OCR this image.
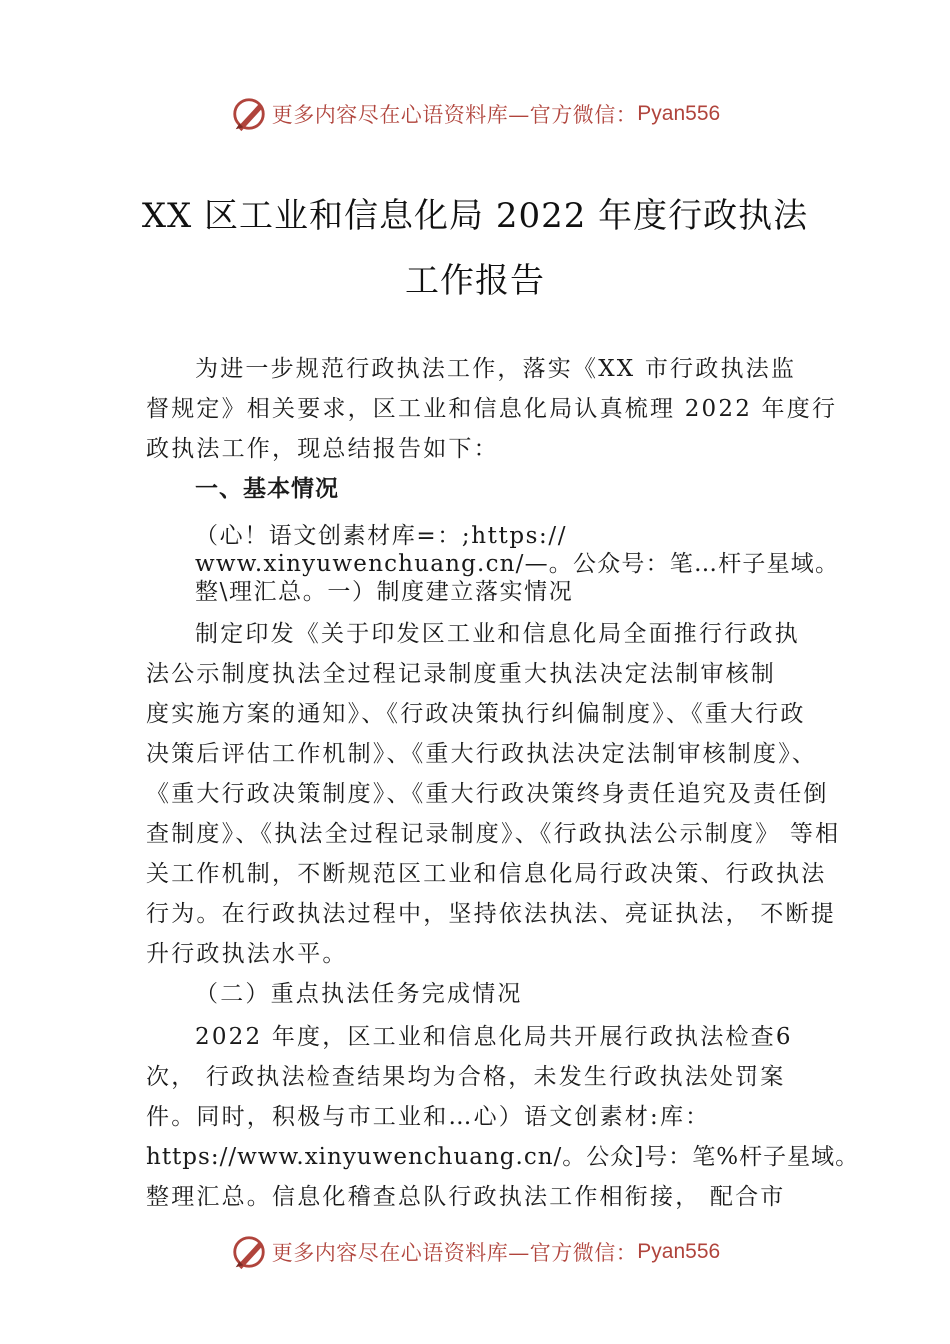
更多内容尽在心语资料库—官方微信： Pyan556
XX 区工业和信息化局 2022 年度行政执法
工作报告
为进一步规范行政执法工作，落实《XX 市行政执法监
督规定》相关要求，区工业和信息化局认真梳理 2022 年度行
政执法工作，现总结报告如下：
一、基本情况
（心！语文创素材库=：;https://
www.xinyuwenchuang.cn/—。公众号：笔…杆子星域。
整\理汇总。一）制度建立落实情况
制定印发《关于印发区工业和信息化局全面推行行政执
法公示制度执法全过程记录制度重大执法决定法制审核制
度实施方案的通知》、《行政决策执行纠偏制度》、《重大行政
决策后评估工作机制》、《重大行政执法决定法制审核制度》、
《重大行政决策制度》、《重大行政决策终身责任追究及责任倒
查制度》、《执法全过程记录制度》、《行政执法公示制度》 等相
关工作机制，不断规范区工业和信息化局行政决策、行政执法
行为。在行政执法过程中，坚持依法执法、亮证执法， 不断提
升行政执法水平。
（二）重点执法任务完成情况
2022 年度，区工业和信息化局共开展行政执法检查6
次， 行政执法检查结果均为合格，未发生行政执法处罚案
件。同时，积极与市工业和…心）语文创素材:库：
https://www.xinyuwenchuang.cn/。公众]号：笔%杆子星域。
整理汇总。信息化稽查总队行政执法工作相衔接， 配合市
更多内容尽在心语资料库—官方微信： Pyan556
